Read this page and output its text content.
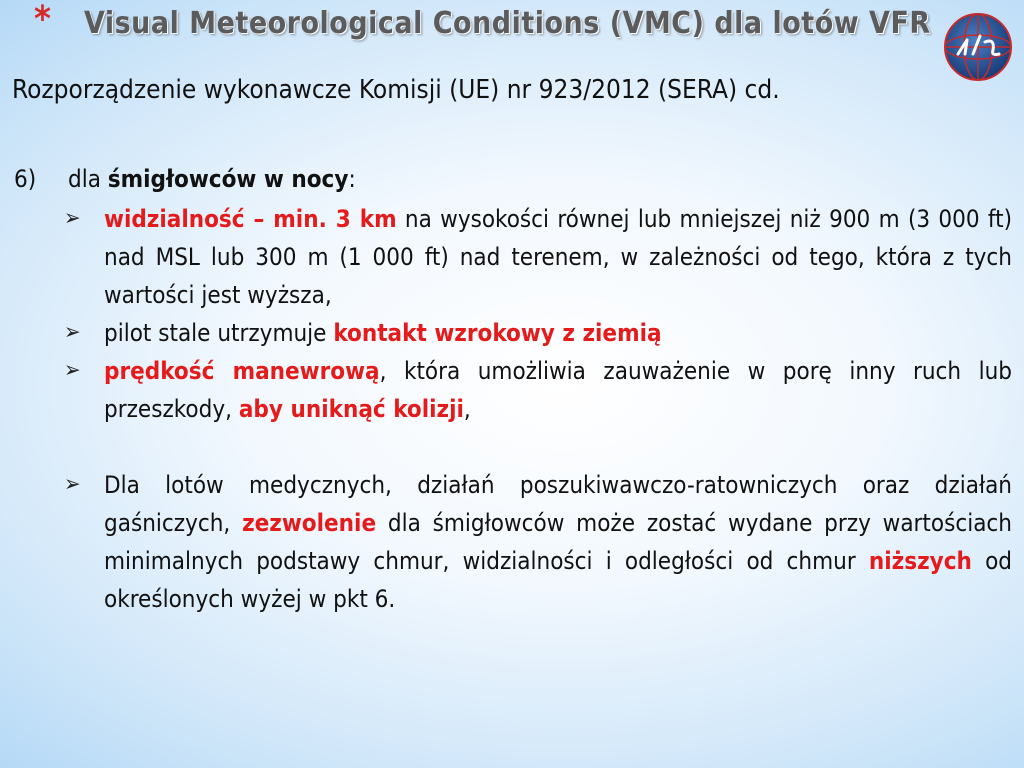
* Visual Meteorological Conditions (VMC) dla lotów VFR
Rozporządzenie wykonawcze Komisji (UE) nr 923/2012 (SERA) cd.
6) dla śmigłowców w nocy:
➢ widzialność – min. 3 km na wysokości równej lub mniejszej niż 900 m (3 000 ft) nad MSL lub 300 m (1 000 ft) nad terenem, w zależności od tego, która z tych wartości jest wyższa,
➢ pilot stale utrzymuje kontakt wzrokowy z ziemią
➢ prędkość manewrową, która umożliwia zauważenie w porę inny ruch lub przeszkody, aby uniknąć kolizji,
➢ Dla lotów medycznych, działań poszukiwawczo-ratowniczych oraz działań gaśniczych, zezwolenie dla śmigłowców może zostać wydane przy wartościach minimalnych podstawy chmur, widzialności i odległości od chmur niższych od określonych wyżej w pkt 6.
